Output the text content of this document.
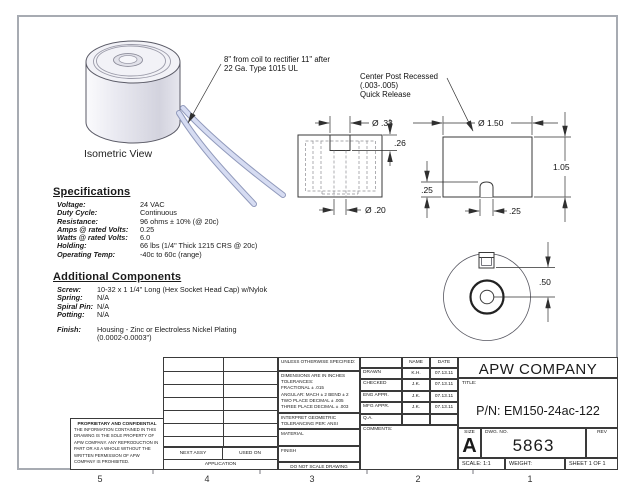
Isometric View
8" from coil to rectifier 11" after
22 Ga. Type 1015 UL
Center Post Recessed
(.003-.005)
Quick Release
Ø .33
.26
Ø .20
Ø 1.50
1.05
.25
.25
.50
5	4	3	2	1
Specifications
Voltage:	24 VAC
Duty Cycle:	Continuous
Resistance:	96 ohms ± 10% (@ 20c)
Amps @ rated Volts: 0.25
Watts @ rated Volts: 6.0
Holding:	66 lbs (1/4" Thick 1215 CRS @ 20c)
Operating Temp:	-40c to 60c (range)
Additional Components
Screw: 10-32 x 1 1/4" Long (Hex Socket Head Cap) w/Nylok
Spring: N/A
Spiral Pin: N/A
Potting: N/A
Finish: Housing - Zinc or Electroless Nickel Plating
(0.0002-0.0003")
PROPRIETARY AND CONFIDENTIAL
THE INFORMATION CONTAINED IN THIS DRAWING IS THE SOLE PROPERTY OF APW COMPANY. ANY REPRODUCTION IN PART OR AS A WHOLE WITHOUT THE WRITTEN PERMISSION OF APW COMPANY IS PROHIBITED.
NEXT ASSY	USED ON
APPLICATION
UNLESS OTHERWISE SPECIFIED:
DIMENSIONS ARE IN INCHES
TOLERANCES:
FRACTIONAL ± .015
ANGULAR: MACH ± 2 BEND ± 2
TWO PLACE DECIMAL ± .005
THREE PLACE DECIMAL ± .003
INTERPRET GEOMETRIC
TOLERANCING PER: ANSI
MATERIAL
FINISH
DO NOT SCALE DRAWING
NAME	DATE
DRAWN	K.H.	07.13.11
CHECKED	J.K.	07.13.11
ENG APPR.	J.K.	07.13.11
MFG APPR.	J.K.	07.13.11
Q.A.
COMMENTS:
APW COMPANY
TITLE:
P/N: EM150-24ac-122
SIZE
A
DWG. NO.
5863
REV
SCALE: 1:1	WEIGHT:	SHEET 1 OF 1
